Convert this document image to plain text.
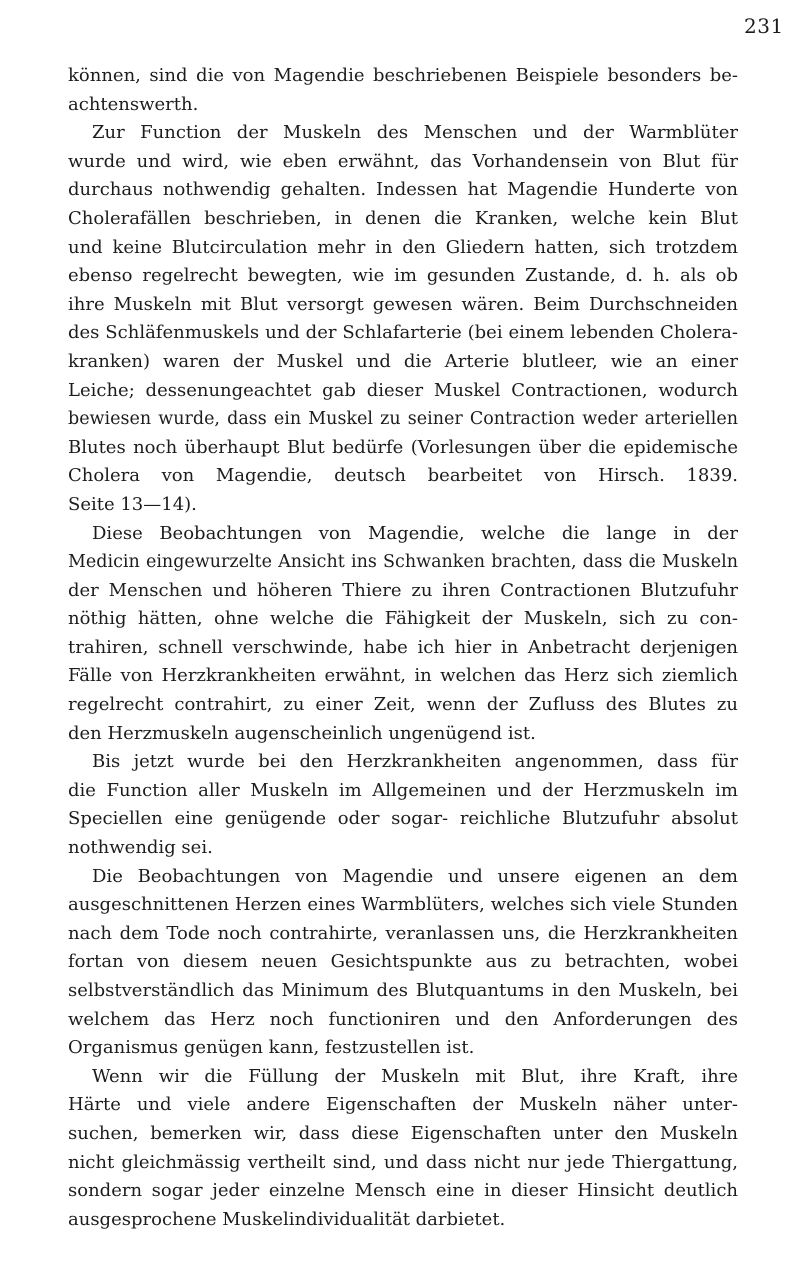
231
können, sind die von Magendie beschriebenen Beispiele besonders be-
achtenswerth.
Zur Function der Muskeln des Menschen und der Warmblüter
wurde und wird, wie eben erwähnt, das Vorhandensein von Blut für
durchaus nothwendig gehalten. Indessen hat Magendie Hunderte von
Cholerafällen beschrieben, in denen die Kranken, welche kein Blut
und keine Blutcirculation mehr in den Gliedern hatten, sich trotzdem
ebenso regelrecht bewegten, wie im gesunden Zustande, d. h. als ob
ihre Muskeln mit Blut versorgt gewesen wären. Beim Durchschneiden
des Schläfenmuskels und der Schlafarterie (bei einem lebenden Cholera-
kranken) waren der Muskel und die Arterie blutleer, wie an einer
Leiche; dessenungeachtet gab dieser Muskel Contractionen, wodurch
bewiesen wurde, dass ein Muskel zu seiner Contraction weder arteriellen
Blutes noch überhaupt Blut bedürfe (Vorlesungen über die epidemische
Cholera von Magendie, deutsch bearbeitet von Hirsch. 1839.
Seite 13—14).
Diese Beobachtungen von Magendie, welche die lange in der
Medicin eingewurzelte Ansicht ins Schwanken brachten, dass die Muskeln
der Menschen und höheren Thiere zu ihren Contractionen Blutzufuhr
nöthig hätten, ohne welche die Fähigkeit der Muskeln, sich zu con-
trahiren, schnell verschwinde, habe ich hier in Anbetracht derjenigen
Fälle von Herzkrankheiten erwähnt, in welchen das Herz sich ziemlich
regelrecht contrahirt, zu einer Zeit, wenn der Zufluss des Blutes zu
den Herzmuskeln augenscheinlich ungenügend ist.
Bis jetzt wurde bei den Herzkrankheiten angenommen, dass für
die Function aller Muskeln im Allgemeinen und der Herzmuskeln im
Speciellen eine genügende oder sogar- reichliche Blutzufuhr absolut
nothwendig sei.
Die Beobachtungen von Magendie und unsere eigenen an dem
ausgeschnittenen Herzen eines Warmblüters, welches sich viele Stunden
nach dem Tode noch contrahirte, veranlassen uns, die Herzkrankheiten
fortan von diesem neuen Gesichtspunkte aus zu betrachten, wobei
selbstverständlich das Minimum des Blutquantums in den Muskeln, bei
welchem das Herz noch functioniren und den Anforderungen des
Organismus genügen kann, festzustellen ist.
Wenn wir die Füllung der Muskeln mit Blut, ihre Kraft, ihre
Härte und viele andere Eigenschaften der Muskeln näher unter-
suchen, bemerken wir, dass diese Eigenschaften unter den Muskeln
nicht gleichmässig vertheilt sind, und dass nicht nur jede Thiergattung,
sondern sogar jeder einzelne Mensch eine in dieser Hinsicht deutlich
ausgesprochene Muskelindividualität darbietet.
